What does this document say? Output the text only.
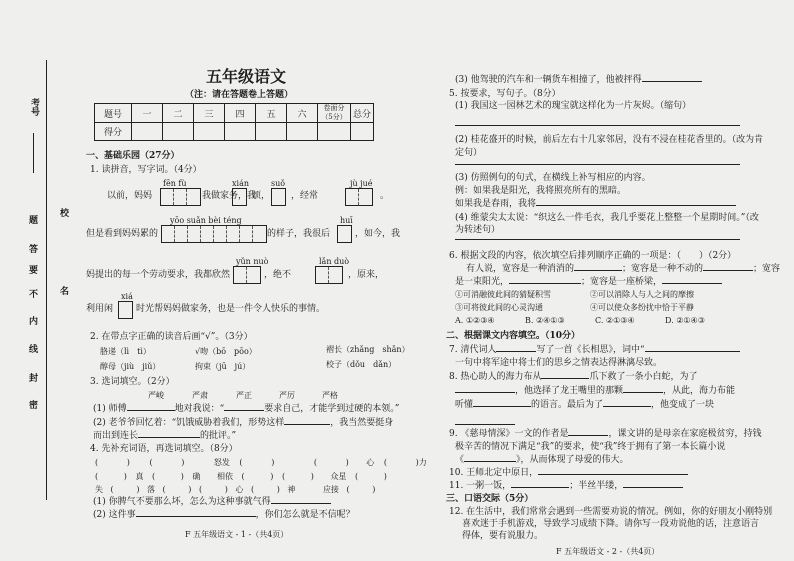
考号
题
答
要
不
内
线
封
密
校
名
五年级语文
（注：请在答题卷上答题）
题号	一	二	三	四	五	六	卷面分（5分）	总分
得分								
一、基础乐园（27分）
1. 读拼音，写字词。（4分）
fēn fù	xián	suǒ	jù jué
以前，妈妈	我做家务，我
烦， ，经常	。
yōo suǎn bèi téng	huī
但是看到妈妈累的	的样子，我很后	，如今，我
yǔn nuò	lǎn duò
妈提出的每一个劳动要求，我都欣然	，绝不	，原来，
xiá
利用闲	时光帮妈妈做家务，也是一件令人快乐的事情。
2. 在带点字正确的读音后画“√”。（3分）
胳递（lì　tì）	√吻（bō　pōo）	褶长（zhǎng　shǎn）
醇母（jiù　jiǔ）	拘束（jū　jú）	校子（dǒu　dǎn）
3. 选词填空。（2分）
严峻	严肃	严正	严厉	严格
(1) 师傅	地对我说：“	要求自己，才能学到过硬的本领。”
(2) 老爷爷回忆着：“饥饿威胁着我们，形势这样	，我当然要挺身
而出到连长	的批评。”
4. 先补充词语，再选词填空。（8分）
(	) (	)	怒发 (	)	(	) 心 (	)力
(	) 真 (	) 确 相依 (	) (	) 众星 (	)
失 (	) 落 (	) (	) 心 (	) 神	应接 (	)
(1) 你脾气不要那么坏，怎么为这种事就气得
(2) 这件事	，你们怎么就是不信呢？
F 五年级语文 - 1 -（共4页）
(3) 他驾驶的汽车和一辆货车相撞了，他被抨得
5. 按要求，写句子。（8分）
(1) 我国这一园林艺术的瑰宝就这样化为一片灰烬。（缩句）
(2) 桂花盛开的时候，前后左右十几家邻居，没有不浸在桂花香里的。（改为肯
定句）
(3) 仿照例句的句式，在横线上补写相应的内容。
例：如果我是阳光，我将照亮所有的黑暗。
如果我是春雨，我将
(4) 维蒙尖太太说：“织这么一件毛衣，我几乎要花上整整一个星期时间。”（改
为转述句）
6. 根据文段的内容，依次填空后排列顺序正确的一项是：（　　）（2分）
有人说，宽容是一种消消的	；宽容是一种不动的	；宽容
是一束阳光，	；宽容是一座桥梁，
①可消融彼此间的猜疑积雪	②可以消除人与人之间的摩擦
③可将彼此间的心灵沟通	④可以使众多纷扰中恰于平静
A. ①②③④	B. ②④①③	C. ②①③④	D. ②①④③
二、根据课文内容填空。（10分）
7. 清代词人	写了一首《长相思》，词中“
一句中将军途中将士们的思乡之情表达得淋漓尽致。
8. 热心助人的海力布从	爪下救了一条小白蛇，为了
，他选择了龙王嘴里的那颗	，从此，海力布能
听懂	的语言。最后为了	，他变成了一块
9. 《慈母情深》一文的作者是	，课文讲的是母亲在家庭极贫穷，持钱
极辛苦的情况下满足“我”的要求，使“我”终于拥有了第一本长篇小说
《	》，从而体现了母爱的伟大。
10. 王师北定中原日，
11. 一粥一饭，	；半丝半缕，
三、口语交际（5分）
12. 在生活中，我们常常会遇到一些需要劝说的情况。例如，你的好朋友小刚特别
喜欢迷于手机游戏，导致学习成绩下降。请你写一段劝说他的话，注意语言
得体，要有说服力。
F 五年级语文 - 2 -（共4页）
